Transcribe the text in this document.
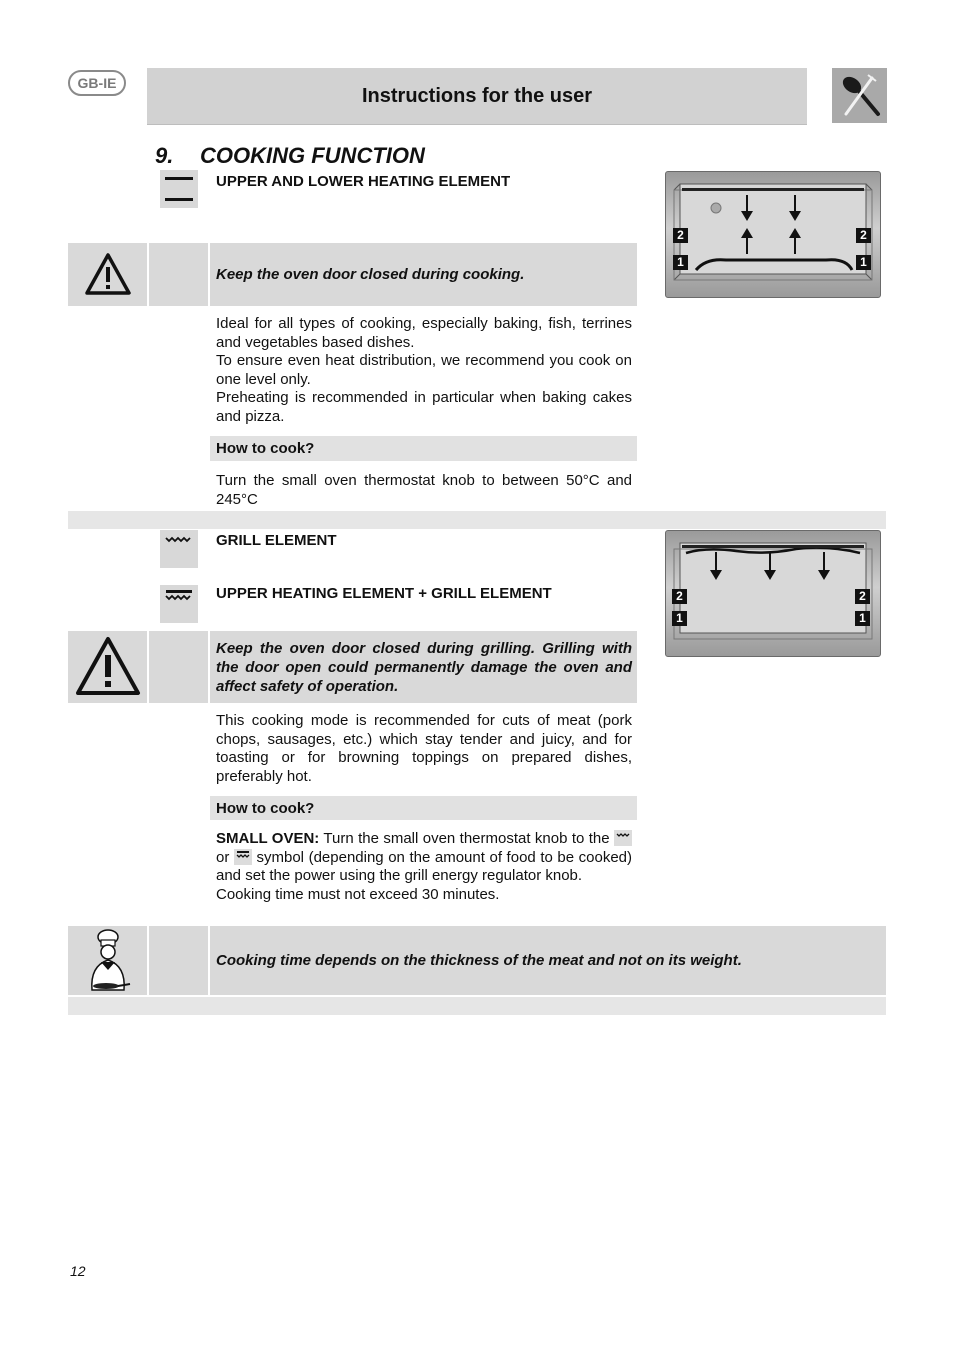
GB-IE
Instructions for the user
9. COOKING FUNCTION
UPPER AND LOWER HEATING ELEMENT
2
1
2
1
Keep the oven door closed during cooking.
Ideal for all types of cooking, especially baking, fish, terrines and vegetables based dishes.
To ensure even heat distribution, we recommend you cook on one level only.
Preheating is recommended in particular when baking cakes and pizza.
How to cook?
Turn the small oven thermostat knob to between 50°C and 245°C
GRILL ELEMENT
UPPER HEATING ELEMENT + GRILL ELEMENT	2
1
2
1
Keep the oven door closed during grilling. Grilling with the door open could permanently damage the oven and affect safety of operation.
This cooking mode is recommended for cuts of meat (pork chops, sausages, etc.) which stay tender and juicy, and for toasting or for browning toppings on prepared dishes, preferably hot.
How to cook?
SMALL OVEN: Turn the small oven thermostat knob to the  or symbol (depending on the amount of food to be cooked) and set the power using the grill energy regulator knob.
Cooking time must not exceed 30 minutes.
Cooking time depends on the thickness of the meat and not on its weight.
12
